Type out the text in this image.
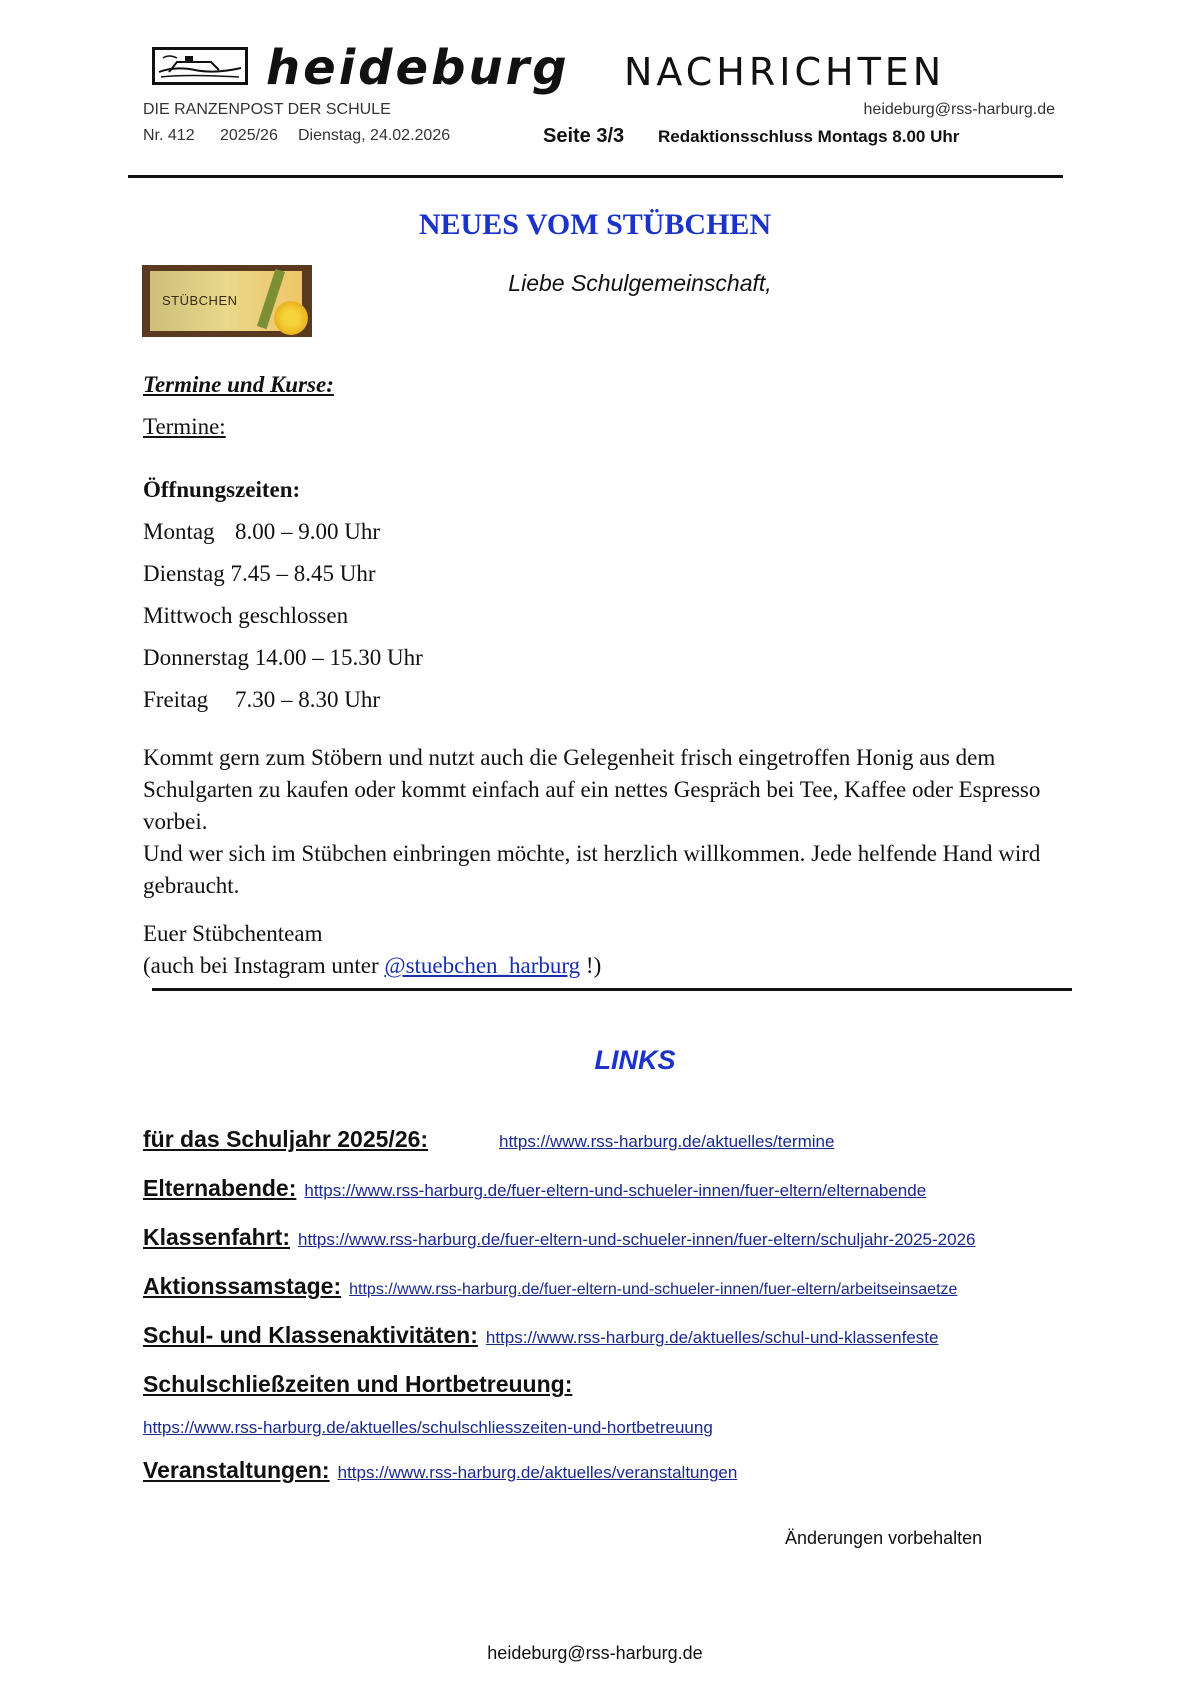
heideburg NACHRICHTEN
DIE RANZENPOST DER SCHULE	heideburg@rss-harburg.de
Nr. 412 2025/26 Dienstag, 24.02.2026	Seite 3/3 Redaktionsschluss Montags 8.00 Uhr
NEUES VOM STÜBCHEN
STÜBCHEN
Liebe Schulgemeinschaft,
Termine und Kurse:
Termine:
Öffnungszeiten:
Montag 8.00 – 9.00 Uhr
Dienstag 7.45 – 8.45 Uhr
Mittwoch geschlossen
Donnerstag 14.00 – 15.30 Uhr
Freitag 7.30 – 8.30 Uhr
Kommt gern zum Stöbern und nutzt auch die Gelegenheit frisch eingetroffen Honig aus dem Schulgarten zu kaufen oder kommt einfach auf ein nettes Gespräch bei Tee, Kaffee oder Espresso vorbei.
Und wer sich im Stübchen einbringen möchte, ist herzlich willkommen. Jede helfende Hand wird gebraucht.
Euer Stübchenteam
(auch bei Instagram unter @stuebchen_harburg !)
LINKS
für das Schuljahr 2025/26:	https://www.rss-harburg.de/aktuelles/termine
Elternabende: https://www.rss-harburg.de/fuer-eltern-und-schueler-innen/fuer-eltern/elternabende
Klassenfahrt: https://www.rss-harburg.de/fuer-eltern-und-schueler-innen/fuer-eltern/schuljahr-2025-2026
Aktionssamstage: https://www.rss-harburg.de/fuer-eltern-und-schueler-innen/fuer-eltern/arbeitseinsaetze
Schul- und Klassenaktivitäten: https://www.rss-harburg.de/aktuelles/schul-und-klassenfeste
Schulschließzeiten und Hortbetreuung:
https://www.rss-harburg.de/aktuelles/schulschliesszeiten-und-hortbetreuung
Veranstaltungen: https://www.rss-harburg.de/aktuelles/veranstaltungen
Änderungen vorbehalten
heideburg@rss-harburg.de
